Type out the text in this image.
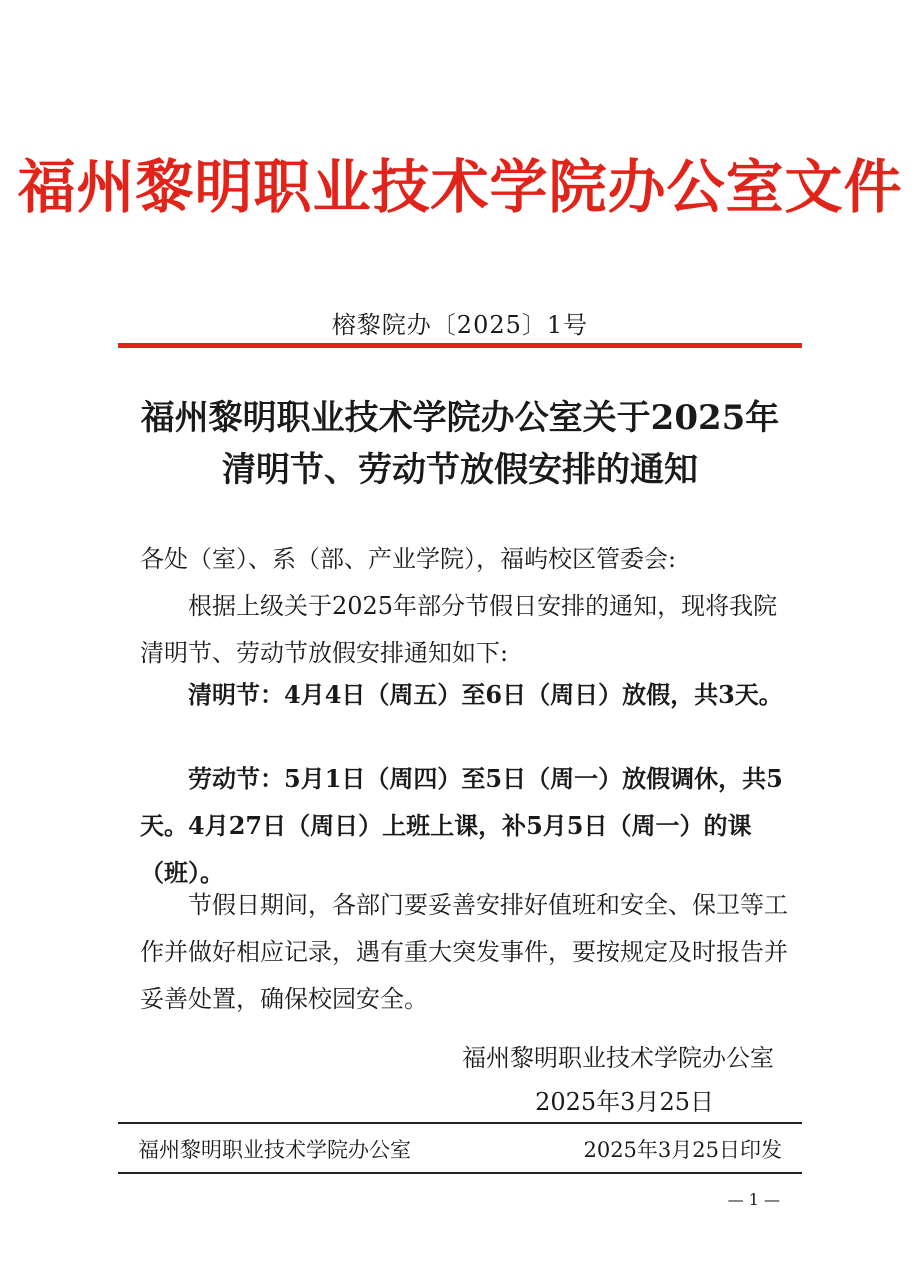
福州黎明职业技术学院办公室文件
榕黎院办〔2025〕1号
福州黎明职业技术学院办公室关于2025年
清明节、劳动节放假安排的通知

各处（室）、系（部、产业学院），福屿校区管委会:

根据上级关于2025年部分节假日安排的通知，现将我院清明节、劳动节放假安排通知如下:

清明节：4月4日（周五）至6日（周日）放假，共3天。

劳动节：5月1日（周四）至5日（周一）放假调休，共5天。4月27日（周日）上班上课，补5月5日（周一）的课（班）。

节假日期间，各部门要妥善安排好值班和安全、保卫等工作并做好相应记录，遇有重大突发事件，要按规定及时报告并妥善处置，确保校园安全。

福州黎明职业技术学院办公室
2025年3月25日
福州黎明职业技术学院办公室	2025年3月25日印发
— 1 —
